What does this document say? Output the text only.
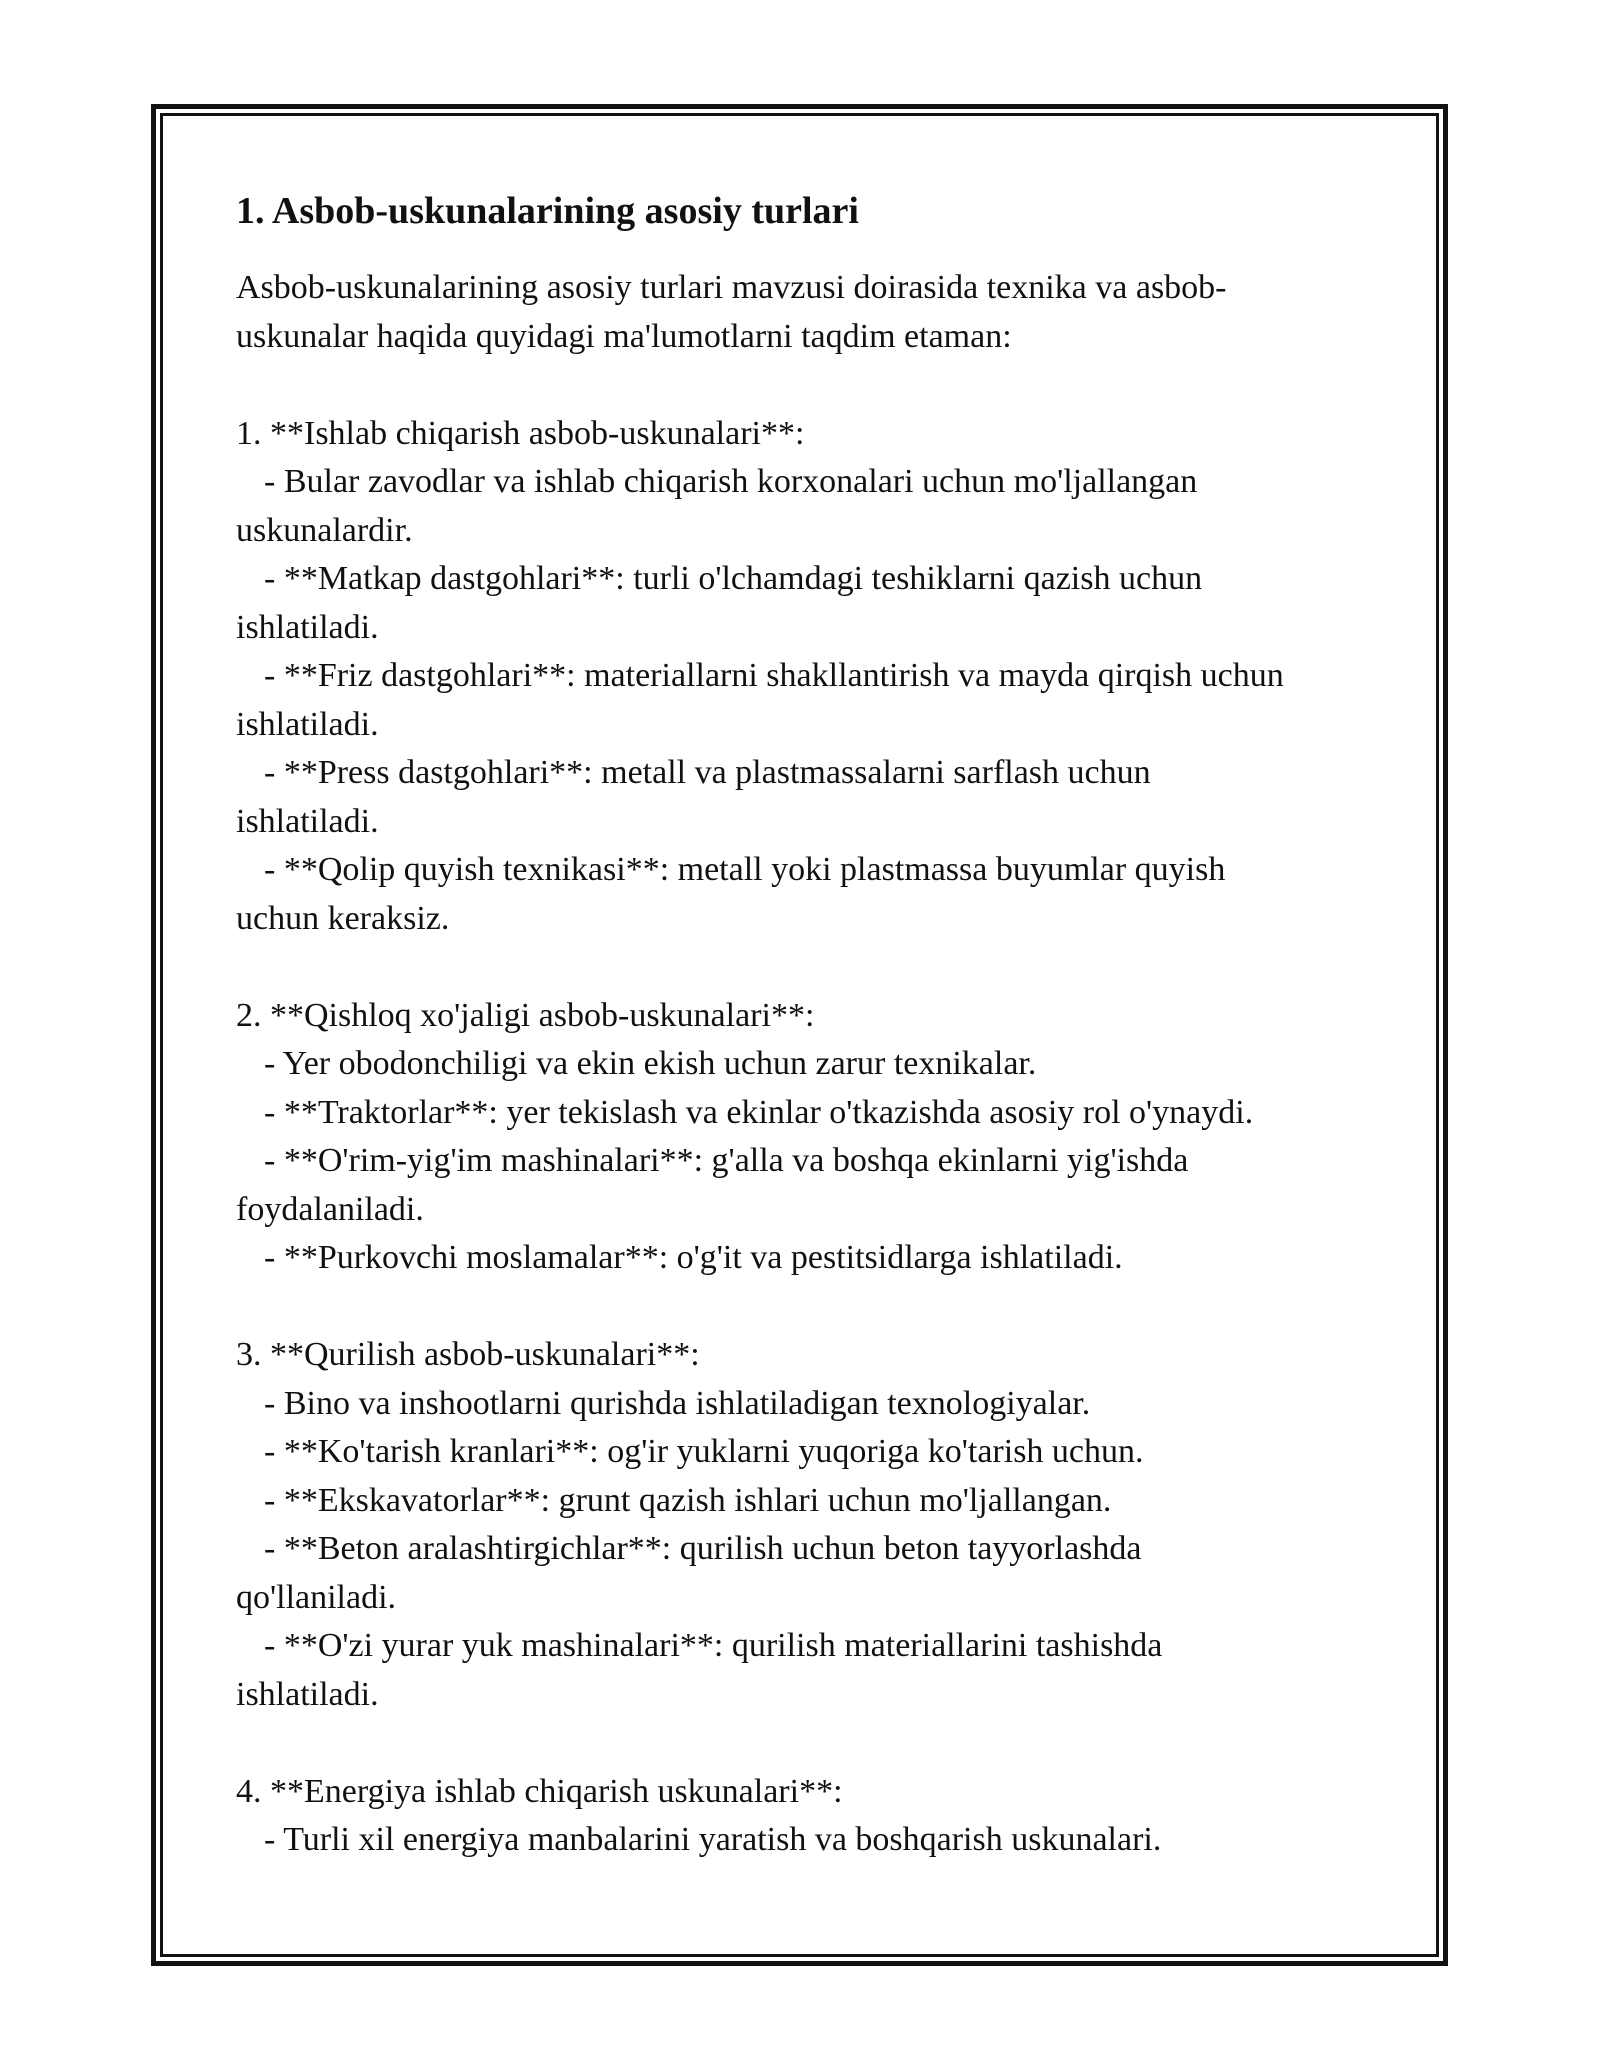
1. Asbob-uskunalarining asosiy turlari
Asbob-uskunalarining asosiy turlari mavzusi doirasida texnika va asbob-
uskunalar haqida quyidagi ma'lumotlarni taqdim etaman:
1. **Ishlab chiqarish asbob-uskunalari**:
- Bular zavodlar va ishlab chiqarish korxonalari uchun mo'ljallangan
uskunalardir.
- **Matkap dastgohlari**: turli o'lchamdagi teshiklarni qazish uchun
ishlatiladi.
- **Friz dastgohlari**: materiallarni shakllantirish va mayda qirqish uchun
ishlatiladi.
- **Press dastgohlari**: metall va plastmassalarni sarflash uchun
ishlatiladi.
- **Qolip quyish texnikasi**: metall yoki plastmassa buyumlar quyish
uchun keraksiz.
2. **Qishloq xo'jaligi asbob-uskunalari**:
- Yer obodonchiligi va ekin ekish uchun zarur texnikalar.
- **Traktorlar**: yer tekislash va ekinlar o'tkazishda asosiy rol o'ynaydi.
- **O'rim-yig'im mashinalari**: g'alla va boshqa ekinlarni yig'ishda
foydalaniladi.
- **Purkovchi moslamalar**: o'g'it va pestitsidlarga ishlatiladi.
3. **Qurilish asbob-uskunalari**:
- Bino va inshootlarni qurishda ishlatiladigan texnologiyalar.
- **Ko'tarish kranlari**: og'ir yuklarni yuqoriga ko'tarish uchun.
- **Ekskavatorlar**: grunt qazish ishlari uchun mo'ljallangan.
- **Beton aralashtirgichlar**: qurilish uchun beton tayyorlashda
qo'llaniladi.
- **O'zi yurar yuk mashinalari**: qurilish materiallarini tashishda
ishlatiladi.
4. **Energiya ishlab chiqarish uskunalari**:
- Turli xil energiya manbalarini yaratish va boshqarish uskunalari.
